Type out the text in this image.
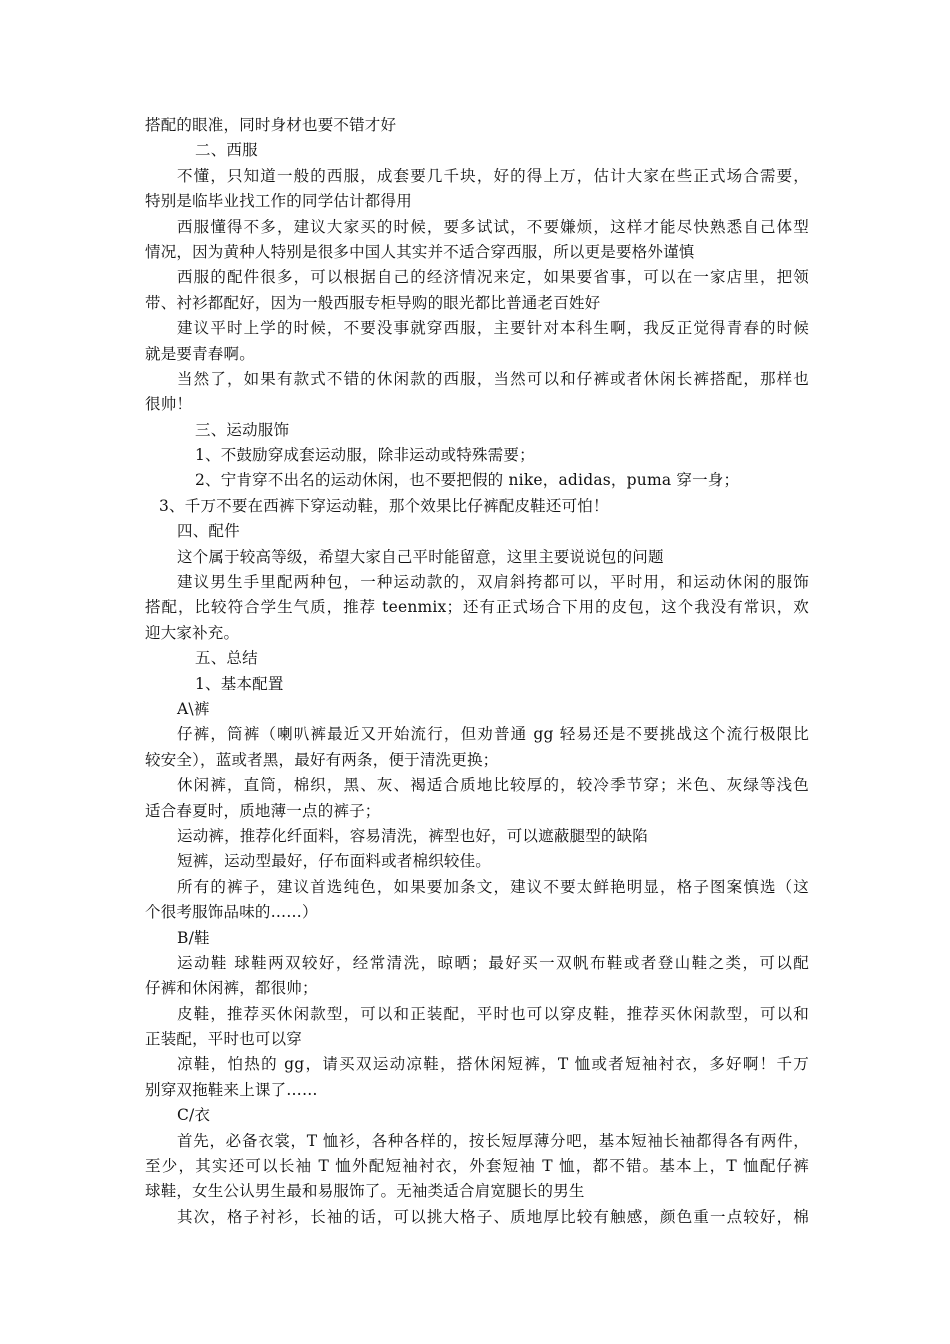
搭配的眼准，同时身材也要不错才好
二、西服
不懂，只知道一般的西服，成套要几千块，好的得上万，估计大家在些正式场合需要，
特别是临毕业找工作的同学估计都得用
西服懂得不多，建议大家买的时候，要多试试，不要嫌烦，这样才能尽快熟悉自己体型
情况，因为黄种人特别是很多中国人其实并不适合穿西服，所以更是要格外谨慎
西服的配件很多，可以根据自己的经济情况来定，如果要省事，可以在一家店里，把领
带、衬衫都配好，因为一般西服专柜导购的眼光都比普通老百姓好
建议平时上学的时候，不要没事就穿西服，主要针对本科生啊，我反正觉得青春的时候
就是要青春啊。
当然了，如果有款式不错的休闲款的西服，当然可以和仔裤或者休闲长裤搭配，那样也
很帅！
三、运动服饰
1、不鼓励穿成套运动服，除非运动或特殊需要；
2、宁肯穿不出名的运动休闲，也不要把假的 nike，adidas，puma 穿一身；
3、千万不要在西裤下穿运动鞋，那个效果比仔裤配皮鞋还可怕！
四、配件
这个属于较高等级，希望大家自己平时能留意，这里主要说说包的问题
建议男生手里配两种包，一种运动款的，双肩斜挎都可以，平时用，和运动休闲的服饰
搭配，比较符合学生气质，推荐 teenmix；还有正式场合下用的皮包，这个我没有常识，欢
迎大家补充。
五、总结
1、基本配置
A\裤
仔裤，筒裤（喇叭裤最近又开始流行，但劝普通 gg 轻易还是不要挑战这个流行极限比
较安全），蓝或者黑，最好有两条，便于清洗更换；
休闲裤，直筒，棉织，黑、灰、褐适合质地比较厚的，较冷季节穿；米色、灰绿等浅色
适合春夏时，质地薄一点的裤子；
运动裤，推荐化纤面料，容易清洗，裤型也好，可以遮蔽腿型的缺陷
短裤，运动型最好，仔布面料或者棉织较佳。
所有的裤子，建议首选纯色，如果要加条文，建议不要太鲜艳明显，格子图案慎选（这
个很考服饰品味的……）
B/鞋
运动鞋 球鞋两双较好，经常清洗，晾晒；最好买一双帆布鞋或者登山鞋之类，可以配
仔裤和休闲裤，都很帅；
皮鞋，推荐买休闲款型，可以和正装配，平时也可以穿皮鞋，推荐买休闲款型，可以和
正装配，平时也可以穿
凉鞋，怕热的 gg，请买双运动凉鞋，搭休闲短裤，T 恤或者短袖衬衣，多好啊！千万
别穿双拖鞋来上课了……
C/衣
首先，必备衣裳，T 恤衫，各种各样的，按长短厚薄分吧，基本短袖长袖都得各有两件，
至少，其实还可以长袖 T 恤外配短袖衬衣，外套短袖 T 恤，都不错。基本上，T 恤配仔裤
球鞋，女生公认男生最和易服饰了。无袖类适合肩宽腿长的男生
其次，格子衬衫，长袖的话，可以挑大格子、质地厚比较有触感，颜色重一点较好，棉
